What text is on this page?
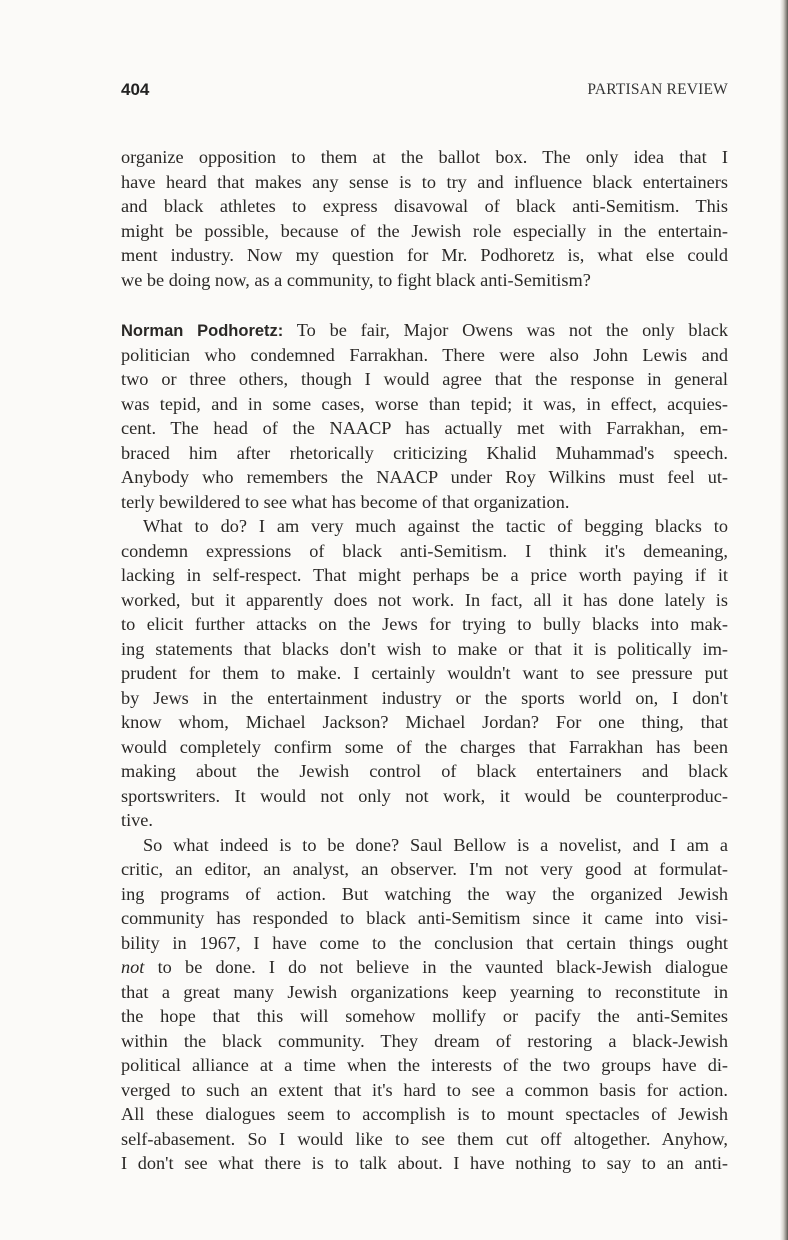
404	PARTISAN REVIEW
organize opposition to them at the ballot box. The only idea that I
have heard that makes any sense is to try and influence black entertainers
and black athletes to express disavowal of black anti-Semitism. This
might be possible, because of the Jewish role especially in the entertain-
ment industry. Now my question for Mr. Podhoretz is, what else could
we be doing now, as a community, to fight black anti-Semitism?
Norman Podhoretz: To be fair, Major Owens was not the only black
politician who condemned Farrakhan. There were also John Lewis and
two or three others, though I would agree that the response in general
was tepid, and in some cases, worse than tepid; it was, in effect, acquies-
cent. The head of the NAACP has actually met with Farrakhan, em-
braced him after rhetorically criticizing Khalid Muhammad's speech.
Anybody who remembers the NAACP under Roy Wilkins must feel ut-
terly bewildered to see what has become of that organization.
What to do? I am very much against the tactic of begging blacks to
condemn expressions of black anti-Semitism. I think it's demeaning,
lacking in self-respect. That might perhaps be a price worth paying if it
worked, but it apparently does not work. In fact, all it has done lately is
to elicit further attacks on the Jews for trying to bully blacks into mak-
ing statements that blacks don't wish to make or that it is politically im-
prudent for them to make. I certainly wouldn't want to see pressure put
by Jews in the entertainment industry or the sports world on, I don't
know whom, Michael Jackson? Michael Jordan? For one thing, that
would completely confirm some of the charges that Farrakhan has been
making about the Jewish control of black entertainers and black
sportswriters. It would not only not work, it would be counterproduc-
tive.
So what indeed is to be done? Saul Bellow is a novelist, and I am a
critic, an editor, an analyst, an observer. I'm not very good at formulat-
ing programs of action. But watching the way the organized Jewish
community has responded to black anti-Semitism since it came into visi-
bility in 1967, I have come to the conclusion that certain things ought
not to be done. I do not believe in the vaunted black-Jewish dialogue
that a great many Jewish organizations keep yearning to reconstitute in
the hope that this will somehow mollify or pacify the anti-Semites
within the black community. They dream of restoring a black-Jewish
political alliance at a time when the interests of the two groups have di-
verged to such an extent that it's hard to see a common basis for action.
All these dialogues seem to accomplish is to mount spectacles of Jewish
self-abasement. So I would like to see them cut off altogether. Anyhow,
I don't see what there is to talk about. I have nothing to say to an anti-
